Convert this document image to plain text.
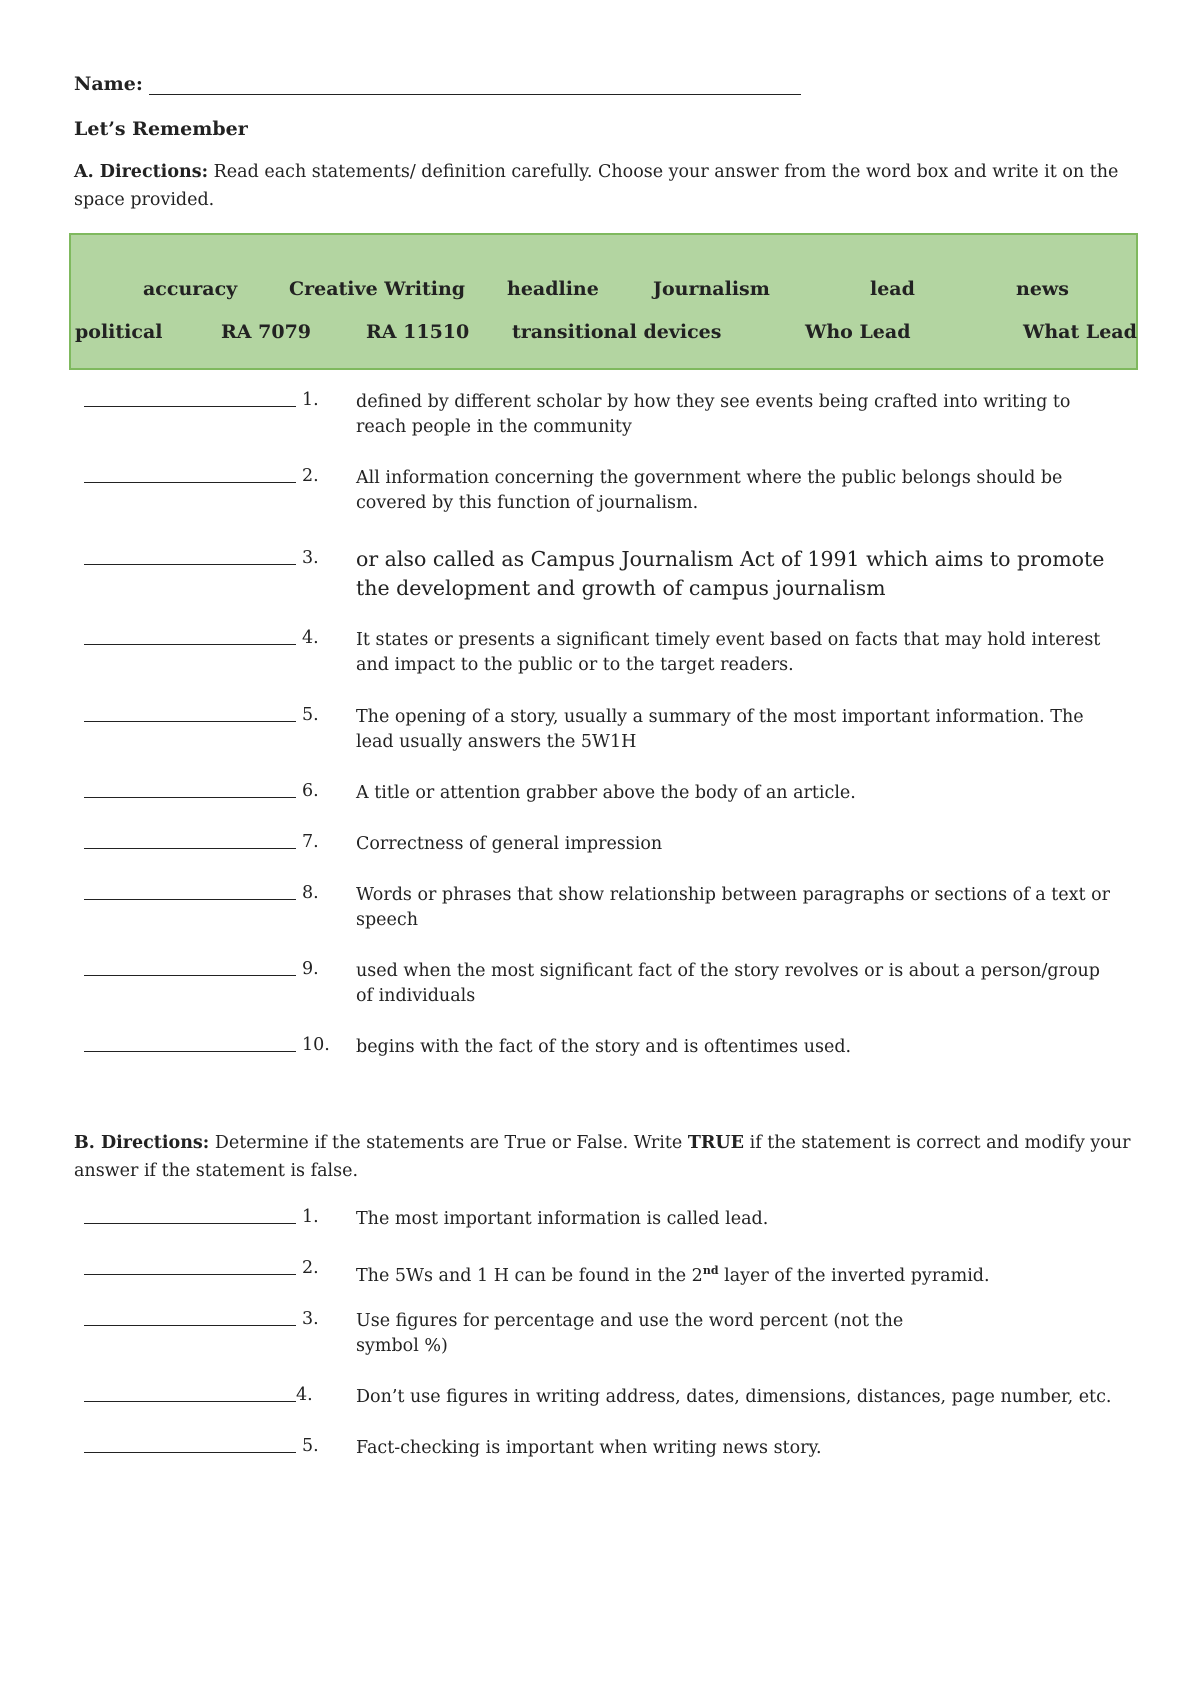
Name:
Let’s Remember
A. Directions: Read each statements/ definition carefully. Choose your answer from the word box and write it on the space provided.
accuracy	Creative Writing headline	Journalism	lead	news
political	RA 7079	RA 11510 transitional devices	Who Lead	What Lead
1. defined by different scholar by how they see events being crafted into writing to reach people in the community
2. All information concerning the government where the public belongs should be covered by this function of journalism.
3. or also called as Campus Journalism Act of 1991 which aims to promote the development and growth of campus journalism
4. It states or presents a significant timely event based on facts that may hold interest and impact to the public or to the target readers.
5. The opening of a story, usually a summary of the most important information. The lead usually answers the 5W1H
6. A title or attention grabber above the body of an article.
7. Correctness of general impression
8. Words or phrases that show relationship between paragraphs or sections of a text or speech
9. used when the most significant fact of the story revolves or is about a person/group of individuals
10. begins with the fact of the story and is oftentimes used.
B. Directions: Determine if the statements are True or False. Write TRUE if the statement is correct and modify your answer if the statement is false.
1. The most important information is called lead.
2. The 5Ws and 1 H can be found in the 2nd layer of the inverted pyramid.
3. Use figures for percentage and use the word percent (not the symbol %)
4. Don’t use figures in writing address, dates, dimensions, distances, page number, etc.
5. Fact-checking is important when writing news story.
